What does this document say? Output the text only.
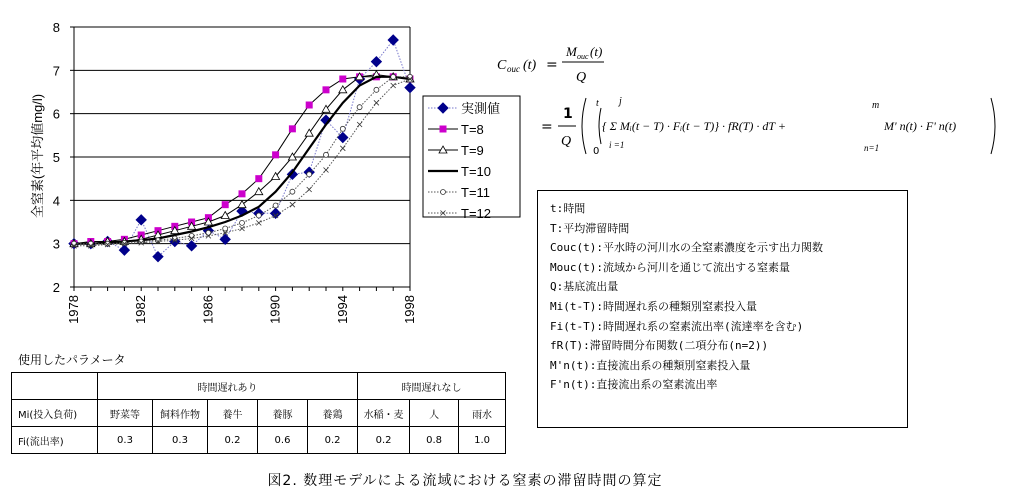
2
3
4
5
6
7
8
1978	1982	1986	1990	1994	1998
実測値
T=8
T=9
T=10
T=11
T=12
全窒素(年平均値mg/l)
C ouc (t) =
M ouc (t)
Q
=
1
Q
t
0
j
i =1
{ Σ Mᵢ(t − T) · Fᵢ(t − T)} · fR(T) · dT +
m
n=1
M' n(t) · F' n(t)
t:時間
T:平均滞留時間
Couc(t):平水時の河川水の全窒素濃度を示す出力関数
Mouc(t):流域から河川を通じて流出する窒素量
Q:基底流出量
Mi(t-T):時間遅れ系の種類別窒素投入量
Fi(t-T):時間遅れ系の窒素流出率(流達率を含む)
fR(T):滞留時間分布関数(二項分布(n=2))
M'n(t):直接流出系の種類別窒素投入量
F'n(t):直接流出系の窒素流出率
使用したパラメータ
	時間遅れあり					時間遅れなし		
Mi(投入負荷)	野菜等	飼料作物	養牛	養豚	養鶏	水稲・麦	人	雨水
Fi(流出率)	0.3	0.3	0.2	0.6	0.2	0.2	0.8	1.0
図2. 数理モデルによる流域における窒素の滞留時間の算定
